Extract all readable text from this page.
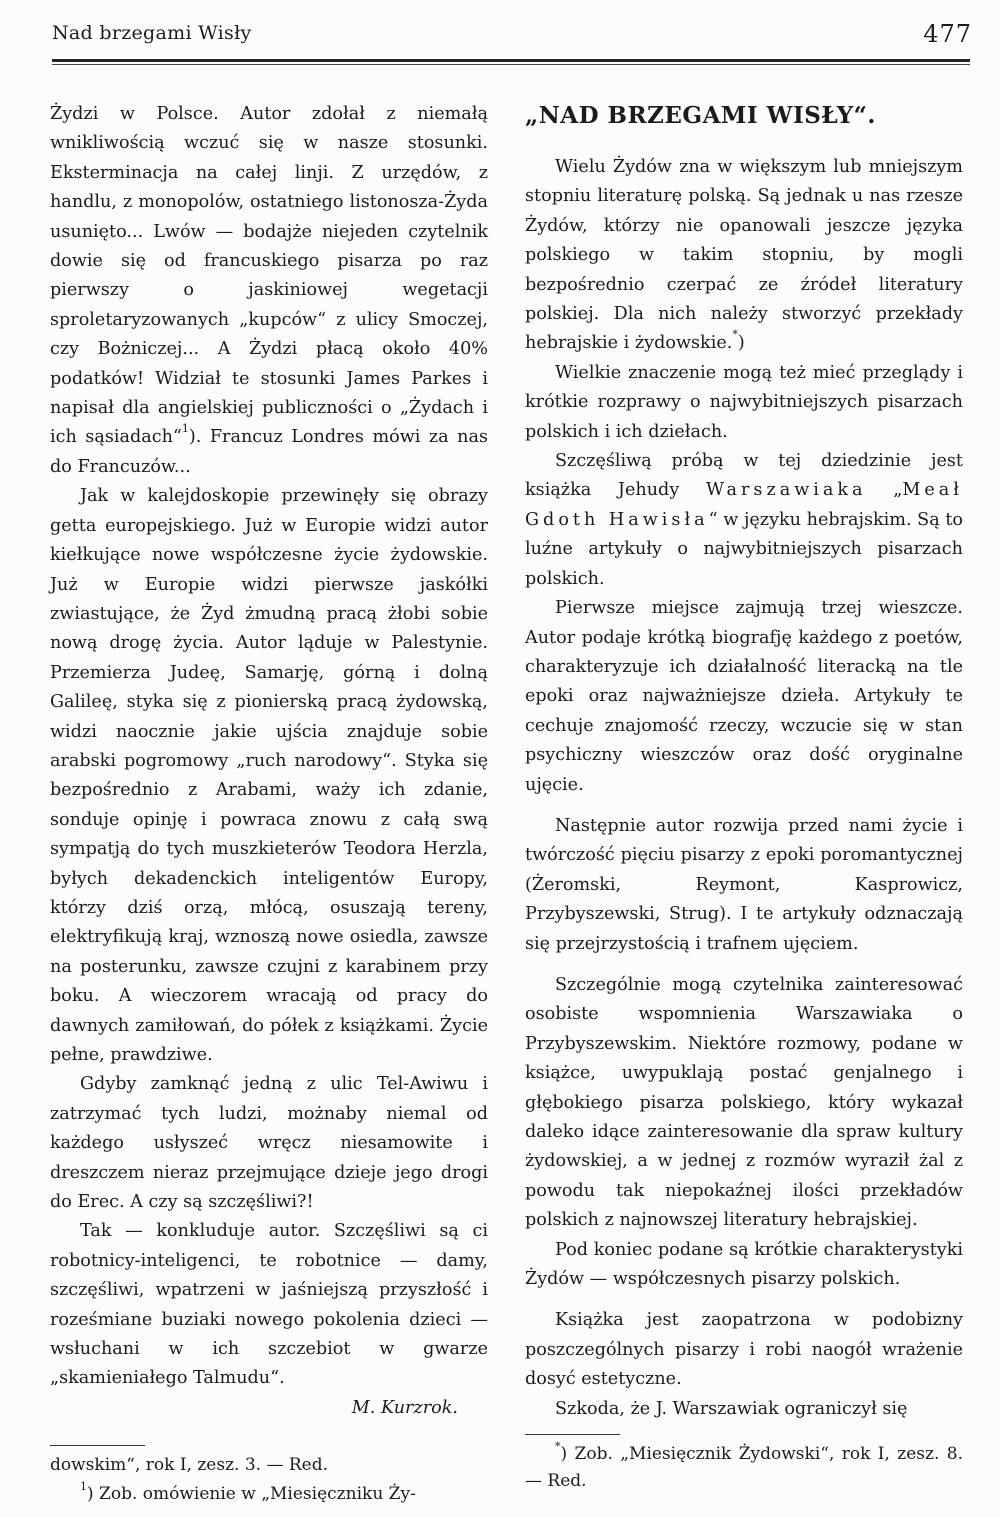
Nad brzegami Wisły	477

Żydzi w Polsce. Autor zdołał z niemałą wnikliwością wczuć się w nasze stosunki. Eksterminacja na całej linji. Z urzędów, z handlu, z monopolów, ostatniego listonosza-Żyda usunięto... Lwów — bodajże niejeden czytelnik dowie się od francuskiego pisarza po raz pierwszy o jaskiniowej wegetacji sproletaryzowanych „kupców“ z ulicy Smoczej, czy Bożniczej... A Żydzi płacą około 40% podatków! Widział te stosunki James Parkes i napisał dla angielskiej publiczności o „Żydach i ich sąsiadach“$^1$). Francuz Londres mówi za nas do Francuzów...

Jak w kalejdoskopie przewinęły się obrazy getta europejskiego. Już w Europie widzi autor kiełkujące nowe współczesne życie żydowskie. Już w Europie widzi pierwsze jaskółki zwiastujące, że Żyd żmudną pracą żłobi sobie nową drogę życia. Autor ląduje w Palestynie. Przemierza Judeę, Samarję, górną i dolną Galileę, styka się z pionierską pracą żydowską, widzi naocznie jakie ujścia znajduje sobie arabski pogromowy „ruch narodowy“. Styka się bezpośrednio z Arabami, waży ich zdanie, sonduje opinję i powraca znowu z całą swą sympatją do tych muszkieterów Teodora Herzla, byłych dekadenckich inteligentów Europy, którzy dziś orzą, młócą, osuszają tereny, elektryfikują kraj, wznoszą nowe osiedla, zawsze na posterunku, zawsze czujni z karabinem przy boku. A wieczorem wracają od pracy do dawnych zamiłowań, do półek z książkami. Życie pełne, prawdziwe.

Gdyby zamknąć jedną z ulic Tel-Awiwu i zatrzymać tych ludzi, możnaby niemal od każdego usłyszeć wręcz niesamowite i dreszczem nieraz przejmujące dzieje jego drogi do Erec. A czy są szczęśliwi?!

Tak — konkluduje autor. Szczęśliwi są ci robotnicy-inteligenci, te robotnice — damy, szczęśliwi, wpatrzeni w jaśniejszą przyszłość i roześmiane buziaki nowego pokolenia dzieci — wsłuchani w ich szczebiot w gwarze „skamieniałego Talmudu“.

M. Kurzrok.

dowskim“, rok I, zesz. 3. — Red.

$^1$) Zob. omówienie w „Miesięczniku Ży-

„NAD BRZEGAMI WISŁY“.

Wielu Żydów zna w większym lub mniejszym stopniu literaturę polską. Są jednak u nas rzesze Żydów, którzy nie opanowali jeszcze języka polskiego w takim stopniu, by mogli bezpośrednio czerpać ze źródeł literatury polskiej. Dla nich należy stworzyć przekłady hebrajskie i żydowskie.*)

Wielkie znaczenie mogą też mieć przeglądy i krótkie rozprawy o najwybitniejszych pisarzach polskich i ich dziełach.

Szczęśliwą próbą w tej dziedzinie jest książka Jehudy Warszawiaka „Meał Gdoth Hawisła“ w języku hebrajskim. Są to luźne artykuły o najwybitniejszych pisarzach polskich.

Pierwsze miejsce zajmują trzej wieszcze. Autor podaje krótką biografję każdego z poetów, charakteryzuje ich działalność literacką na tle epoki oraz najważniejsze dzieła. Artykuły te cechuje znajomość rzeczy, wczucie się w stan psychiczny wieszczów oraz dość oryginalne ujęcie.

Następnie autor rozwija przed nami życie i twórczość pięciu pisarzy z epoki poromantycznej (Żeromski, Reymont, Kasprowicz, Przybyszewski, Strug). I te artykuły odznaczają się przejrzystością i trafnem ujęciem.

Szczególnie mogą czytelnika zainteresować osobiste wspomnienia Warszawiaka o Przybyszewskim. Niektóre rozmowy, podane w książce, uwypuklają postać genjalnego i głębokiego pisarza polskiego, który wykazał daleko idące zainteresowanie dla spraw kultury żydowskiej, a w jednej z rozmów wyraził żal z powodu tak niepokaźnej ilości przekładów polskich z najnowszej literatury hebrajskiej.

Pod koniec podane są krótkie charakterystyki Żydów — współczesnych pisarzy polskich.

Książka jest zaopatrzona w podobizny poszczególnych pisarzy i robi naogół wrażenie dosyć estetyczne.

Szkoda, że J. Warszawiak ograniczył się

*) Zob. „Miesięcznik Żydowski“, rok I, zesz. 8. — Red.
